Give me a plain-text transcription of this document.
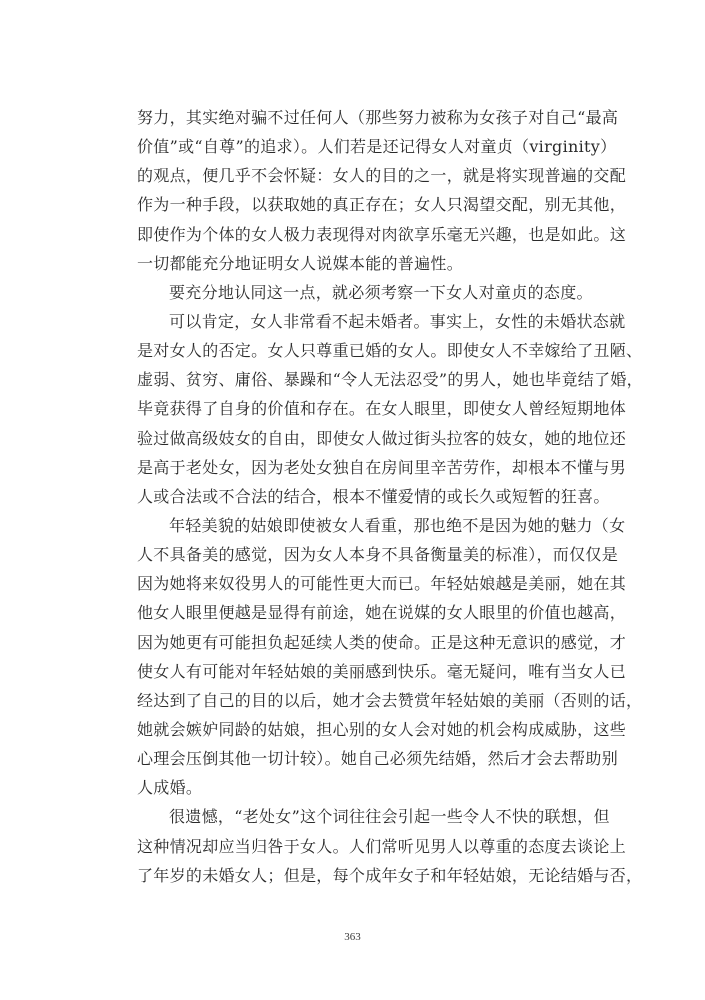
努力，其实绝对骗不过任何人（那些努力被称为女孩子对自己“最高
价值”或“自尊”的追求）。人们若是还记得女人对童贞（virginity）
的观点，便几乎不会怀疑：女人的目的之一，就是将实现普遍的交配
作为一种手段，以获取她的真正存在；女人只渴望交配，别无其他，
即使作为个体的女人极力表现得对肉欲享乐毫无兴趣，也是如此。这
一切都能充分地证明女人说媒本能的普遍性。
要充分地认同这一点，就必须考察一下女人对童贞的态度。
可以肯定，女人非常看不起未婚者。事实上，女性的未婚状态就
是对女人的否定。女人只尊重已婚的女人。即使女人不幸嫁给了丑陋、
虚弱、贫穷、庸俗、暴躁和“令人无法忍受”的男人，她也毕竟结了婚，
毕竟获得了自身的价值和存在。在女人眼里，即使女人曾经短期地体
验过做高级妓女的自由，即使女人做过街头拉客的妓女，她的地位还
是高于老处女，因为老处女独自在房间里辛苦劳作，却根本不懂与男
人或合法或不合法的结合，根本不懂爱情的或长久或短暂的狂喜。
年轻美貌的姑娘即使被女人看重，那也绝不是因为她的魅力（女
人不具备美的感觉，因为女人本身不具备衡量美的标准），而仅仅是
因为她将来奴役男人的可能性更大而已。年轻姑娘越是美丽，她在其
他女人眼里便越是显得有前途，她在说媒的女人眼里的价值也越高，
因为她更有可能担负起延续人类的使命。正是这种无意识的感觉，才
使女人有可能对年轻姑娘的美丽感到快乐。毫无疑问，唯有当女人已
经达到了自己的目的以后，她才会去赞赏年轻姑娘的美丽（否则的话，
她就会嫉妒同龄的姑娘，担心别的女人会对她的机会构成威胁，这些
心理会压倒其他一切计较）。她自己必须先结婚，然后才会去帮助别
人成婚。
很遗憾，“老处女”这个词往往会引起一些令人不快的联想，但
这种情况却应当归咎于女人。人们常听见男人以尊重的态度去谈论上
了年岁的未婚女人；但是，每个成年女子和年轻姑娘，无论结婚与否，
363
